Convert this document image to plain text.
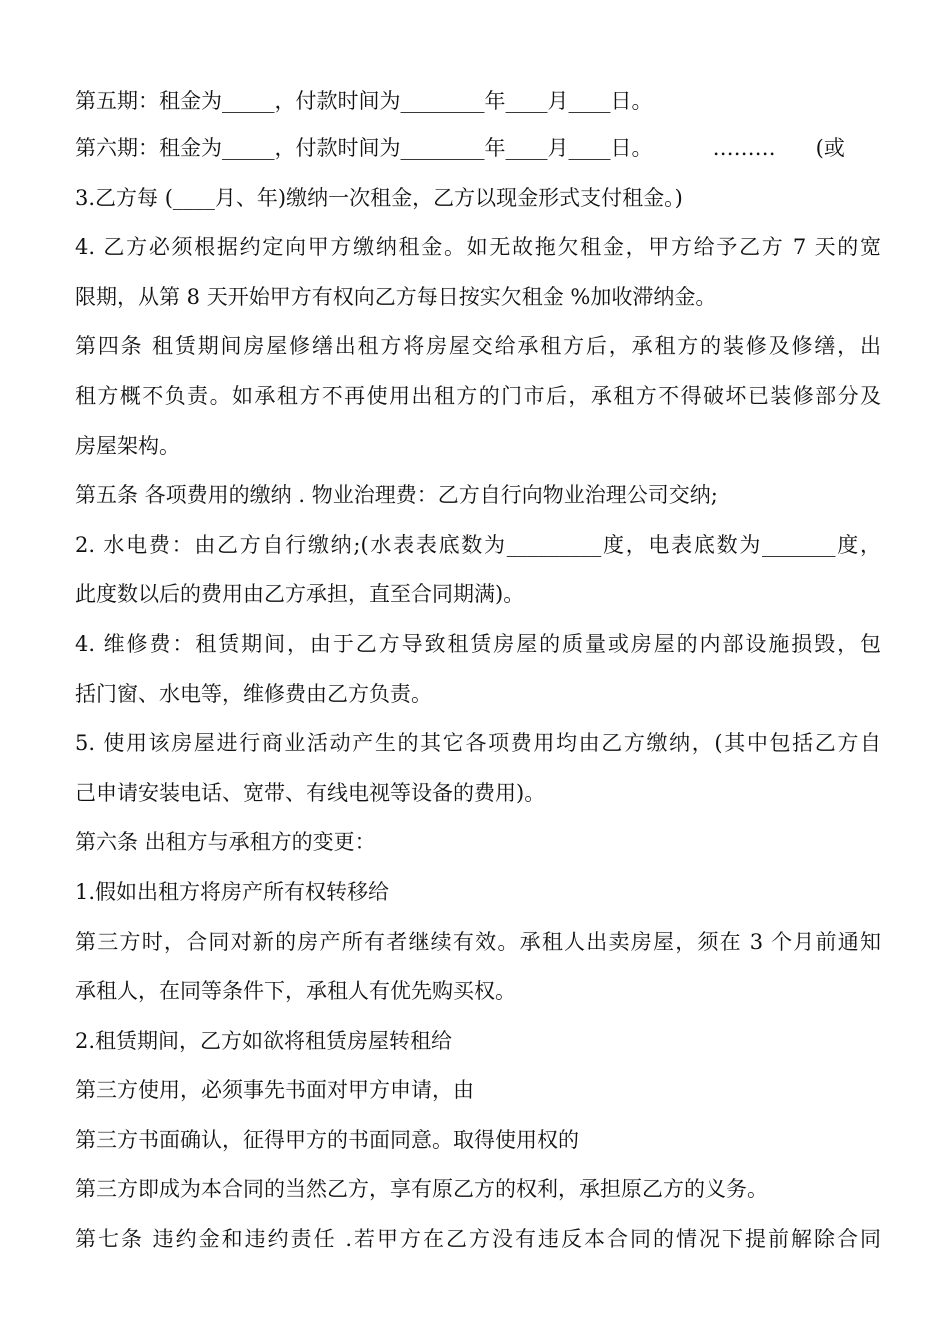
第五期：租金为_____，付款时间为________年____月____日。
第六期：租金为_____，付款时间为________年____月____日。         ………      (或
3.乙方每 (____月、年)缴纳一次租金，乙方以现金形式支付租金。)
4. 乙方必须根据约定向甲方缴纳租金。如无故拖欠租金，甲方给予乙方 7 天的宽
限期，从第 8 天开始甲方有权向乙方每日按实欠租金 %加收滞纳金。
第四条 租赁期间房屋修缮出租方将房屋交给承租方后，承租方的装修及修缮，出
租方概不负责。如承租方不再使用出租方的门市后，承租方不得破坏已装修部分及
房屋架构。
第五条 各项费用的缴纳 . 物业治理费：乙方自行向物业治理公司交纳;
2. 水电费：由乙方自行缴纳;(水表表底数为_________度，电表底数为_______度，
此度数以后的费用由乙方承担，直至合同期满)。
4. 维修费：租赁期间，由于乙方导致租赁房屋的质量或房屋的内部设施损毁，包
括门窗、水电等，维修费由乙方负责。
5. 使用该房屋进行商业活动产生的其它各项费用均由乙方缴纳，(其中包括乙方自
己申请安装电话、宽带、有线电视等设备的费用)。
第六条 出租方与承租方的变更：
1.假如出租方将房产所有权转移给
第三方时，合同对新的房产所有者继续有效。承租人出卖房屋，须在 3 个月前通知
承租人，在同等条件下，承租人有优先购买权。
2.租赁期间，乙方如欲将租赁房屋转租给
第三方使用，必须事先书面对甲方申请，由
第三方书面确认，征得甲方的书面同意。取得使用权的
第三方即成为本合同的当然乙方，享有原乙方的权利，承担原乙方的义务。
第七条 违约金和违约责任 .若甲方在乙方没有违反本合同的情况下提前解除合同
